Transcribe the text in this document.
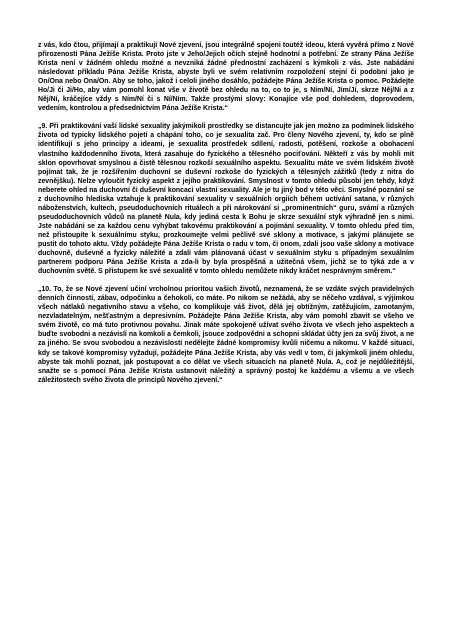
z vás, kdo čtou, přijímají a praktikují Nové zjevení, jsou integrálně spojeni toutéž ideou, která vyvěrá přímo z Nové přirozenosti Pána Ježíše Krista. Proto jste v Jeho/Jejich očích stejně hodnotní a potřební. Ze strany Pána Ježíše Krista není v žádném ohledu možné a nevzniká žádné přednostní zacházení s kýmkoli z vás. Jste nabádáni následovat příkladu Pána Ježíše Krista, abyste byli ve svém relativním rozpoložení stejní či podobní jako je On/Ona nebo Ona/On. Aby se toho, jakož i celoli jiného dosáhlo, požádejte Pána Ježíše Krista o pomoc. Požádejte Ho/Ji či Ji/Ho, aby vám pomohl konat vše v životě bez ohledu na to, co to je, s Ním/Ní, Jím/Jí, skrze Něj/Ni a z Něj/Ní, kráčejíce vždy s Ním/Ní či s Ní/Ním. Takže prostými slovy: Konajíce vše pod dohledem, doprovodem, vedením, kontrolou a předsednictvím Pána Ježíše Krista.“

„9. Při praktikování vaší lidské sexuality jakýmikoli prostředky se distancujte jak jen možno za podmínek lidského života od typicky lidského pojetí a chápání toho, co je sexualita zač. Pro členy Nového zjevení, ty, kdo se plně identifikují s jeho principy a ideami, je sexualita prostředek sdílení, radosti, potěšení, rozkoše a obohacení vlastního každodenního života, která zasahuje do fyzického a tělesného pociťování. Někteří z vás by mohli mít sklon opovrhovat smyslnou a čistě tělesnou rozkoší sexuálního aspektu. Sexualitu máte ve svém lidském životě pojímat tak, že je rozšířením duchovní se duševní rozkoše do fyzických a tělesných zážitků (tedy z nitra do zevnějšku). Nelze vyloučit fyzický aspekt z jejího praktikování. Smyslnost v tomto ohledu působí jen tehdy, když neberete ohled na duchovní či duševní koncaci vlastní sexuality. Ale je tu jiný bod v této věci. Smyslné poznání se z duchovního hlediska vztahuje k praktikování sexuality v sexuálních orgiích během uctívání satana, v různých náboženstvích, kultech, pseudoduchovních rituálech a při nárokování si „prominentních“ guru, svámí a různých pseudoduchovních vůdců na planetě Nula, kdy jediná cesta k Bohu je skrze sexuální styk výhradně jen s nimi. Jste nabádáni se za každou cenu vyhýbat takovému praktikování a pojímání sexuality. V tomto ohledu před tím, než přistoupíte k sexuálnímu styku, prozkoumejte velmi pečlivě své sklony a motivace, s jakými plánujete se pustit do tohoto aktu. Vždy požádejte Pána Ježíše Krista o radu v tom, či onom, zdali jsou vaše sklony a motivace duchovně, duševně a fyzicky náležité a zdali vám plánovaná účast v sexuálním styku s případným sexuálním partnerem podporu Pána Ježíše Krista a zda-li by byla prospěšná a užitečná všem, jichž se to týká zde a v duchovním světě. S přístupem ke své sexualitě v tomto ohledu nemůžete nikdy kráčet nesprávným směrem.“

„10. To, že se Nové zjevení učiní vrcholnou prioritou vašich životů, neznamená, že se vzdáte svých pravidelných denních činností, zábav, odpočinku a čehokoli, co máte. Po nikom se nežádá, aby se něčeho vzdával, s výjimkou všech nátlaků negativního stavu a všeho, co komplikuje váš život, dělá jej obtížným, zatěžujícím, zamotaným, nezvladatelným, nešťastným a depresivním. Požádejte Pána Ježíše Krista, aby vám pomohl zbavit se všeho ve svém životě, co má tuto protivnou povahu. Jinak máte spokojeně užívat svého života ve všech jeho aspektech a buďte svobodni a nezávislí na komkoli a čemkoli, jsouce zodpovědni a schopni skládat účty jen za svůj život, a ne za jiného. Se svou svobodou a nezávislostí nedělejte žádné kompromisy kvůli ničemu a nikomu. V každé situaci, kdy se takové kompromisy vyžadují, požádejte Pána Ježíše Krista, aby vás vedl v tom, či jakýmkoli jiném ohledu, abyste tak mohli poznat, jak postupovat a co dělat ve všech situacích na planetě Nula. A, což je nejdůležitější, snažte se s pomocí Pána Ježíše Krista ustanovit náležitý a správný postoj ke každému a všemu a ve všech záležitostech svého života dle principů Nového zjevení.“
